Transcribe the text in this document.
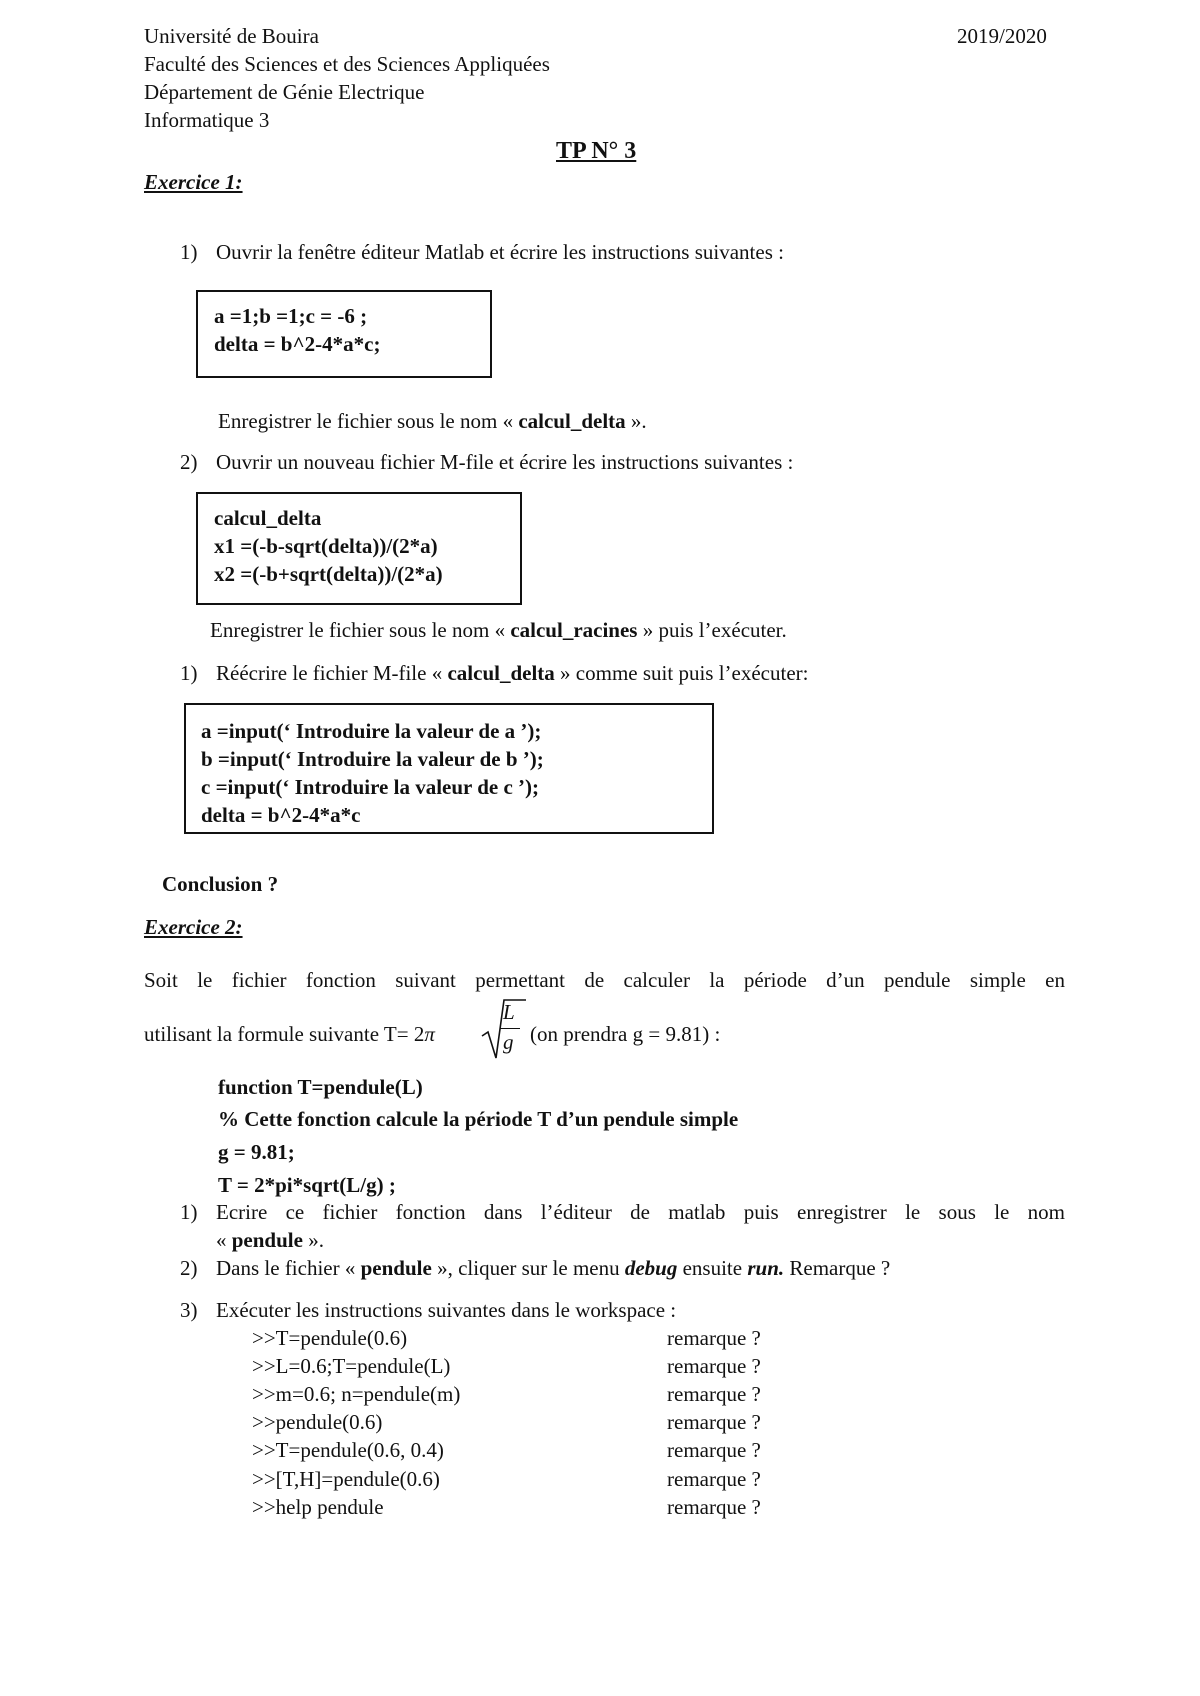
Université de Bouira	2019/2020
Faculté des Sciences et des Sciences Appliquées
Département de Génie Electrique
Informatique 3
TP N° 3
Exercice 1:
1) Ouvrir la fenêtre éditeur Matlab et écrire les instructions suivantes :
a =1;b =1;c = -6 ;
delta = b^2-4*a*c;
Enregistrer le fichier sous le nom « calcul_delta ».
2) Ouvrir un nouveau fichier M-file et écrire les instructions suivantes :
calcul_delta
x1 =(-b-sqrt(delta))/(2*a)
x2 =(-b+sqrt(delta))/(2*a)
Enregistrer le fichier sous le nom « calcul_racines » puis l’exécuter.
1) Réécrire le fichier M-file « calcul_delta » comme suit puis l’exécuter:
a =input(‘ Introduire la valeur de a ’);
b =input(‘ Introduire la valeur de b ’);
c =input(‘ Introduire la valeur de c ’);
delta = b^2-4*a*c
Conclusion ?
Exercice 2:
Soit le fichier fonction suivant permettant de calculer la période d’un pendule simple en
utilisant la formule suivante T= 2π
L
g (on prendra g = 9.81) :
function T=pendule(L)
% Cette fonction calcule la période T d’un pendule simple
g = 9.81;
T = 2*pi*sqrt(L/g) ;
1) Ecrire ce fichier fonction dans l’éditeur de matlab puis enregistrer le sous le nom
« pendule ».
2) Dans le fichier « pendule », cliquer sur le menu debug ensuite run. Remarque ?
3) Exécuter les instructions suivantes dans le workspace :
>>T=pendule(0.6)	remarque ?
>>L=0.6;T=pendule(L)	remarque ?
>>m=0.6; n=pendule(m)	remarque ?
>>pendule(0.6)	remarque ?
>>T=pendule(0.6, 0.4)	remarque ?
>>[T,H]=pendule(0.6)	remarque ?
>>help pendule	remarque ?
